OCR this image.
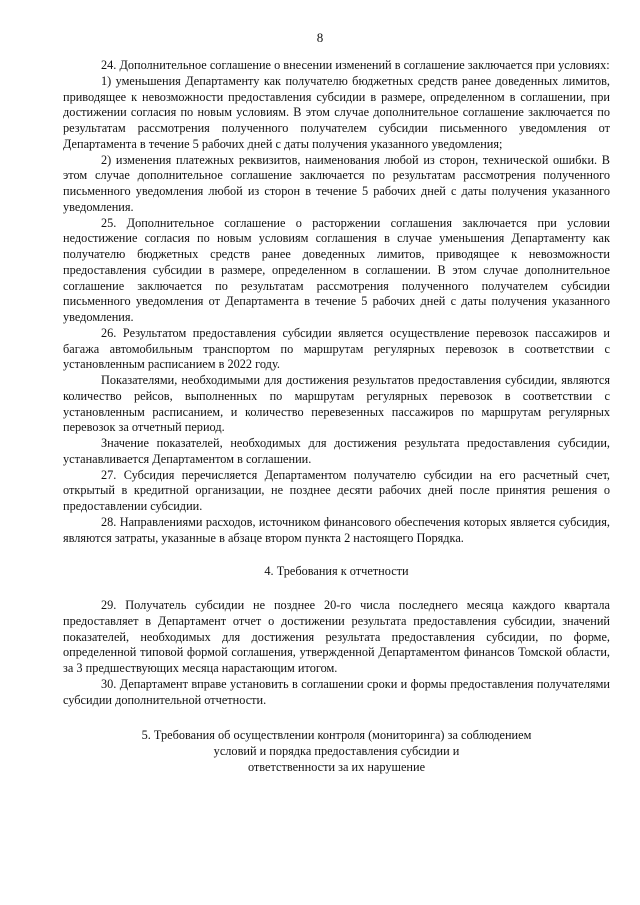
8

24. Дополнительное соглашение о внесении изменений в соглашение заключается при условиях:

1) уменьшения Департаменту как получателю бюджетных средств ранее доведенных лимитов, приводящее к невозможности предоставления субсидии в размере, определенном в соглашении, при достижении согласия по новым условиям. В этом случае дополнительное соглашение заключается по результатам рассмотрения полученного получателем субсидии письменного уведомления от Департамента в течение 5 рабочих дней с даты получения указанного уведомления;

2) изменения платежных реквизитов, наименования любой из сторон, технической ошибки. В этом случае дополнительное соглашение заключается по результатам рассмотрения полученного письменного уведомления любой из сторон в течение 5 рабочих дней с даты получения указанного уведомления.

25. Дополнительное соглашение о расторжении соглашения заключается при условии недостижение согласия по новым условиям соглашения в случае уменьшения Департаменту как получателю бюджетных средств ранее доведенных лимитов, приводящее к невозможности предоставления субсидии в размере, определенном в соглашении. В этом случае дополнительное соглашение заключается по результатам рассмотрения полученного получателем субсидии письменного уведомления от Департамента в течение 5 рабочих дней с даты получения указанного уведомления.

26. Результатом предоставления субсидии является осуществление перевозок пассажиров и багажа автомобильным транспортом по маршрутам регулярных перевозок в соответствии с установленным расписанием в 2022 году.

Показателями, необходимыми для достижения результатов предоставления субсидии, являются количество рейсов, выполненных по маршрутам регулярных перевозок в соответствии с установленным расписанием, и количество перевезенных пассажиров по маршрутам регулярных перевозок за отчетный период.

Значение показателей, необходимых для достижения результата предоставления субсидии, устанавливается Департаментом в соглашении.

27. Субсидия перечисляется Департаментом получателю субсидии на его расчетный счет, открытый в кредитной организации, не позднее десяти рабочих дней после принятия решения о предоставлении субсидии.

28. Направлениями расходов, источником финансового обеспечения которых является субсидия, являются затраты, указанные в абзаце втором пункта 2 настоящего Порядка.

4. Требования к отчетности

29. Получатель субсидии не позднее 20-го числа последнего месяца каждого квартала предоставляет в Департамент отчет о достижении результата предоставления субсидии, значений показателей, необходимых для достижения результата предоставления субсидии, по форме, определенной типовой формой соглашения, утвержденной Департаментом финансов Томской области, за 3 предшествующих месяца нарастающим итогом.

30. Департамент вправе установить в соглашении сроки и формы предоставления получателями субсидии дополнительной отчетности.

5. Требования об осуществлении контроля (мониторинга) за соблюдением
условий и порядка предоставления субсидии и
ответственности за их нарушение
